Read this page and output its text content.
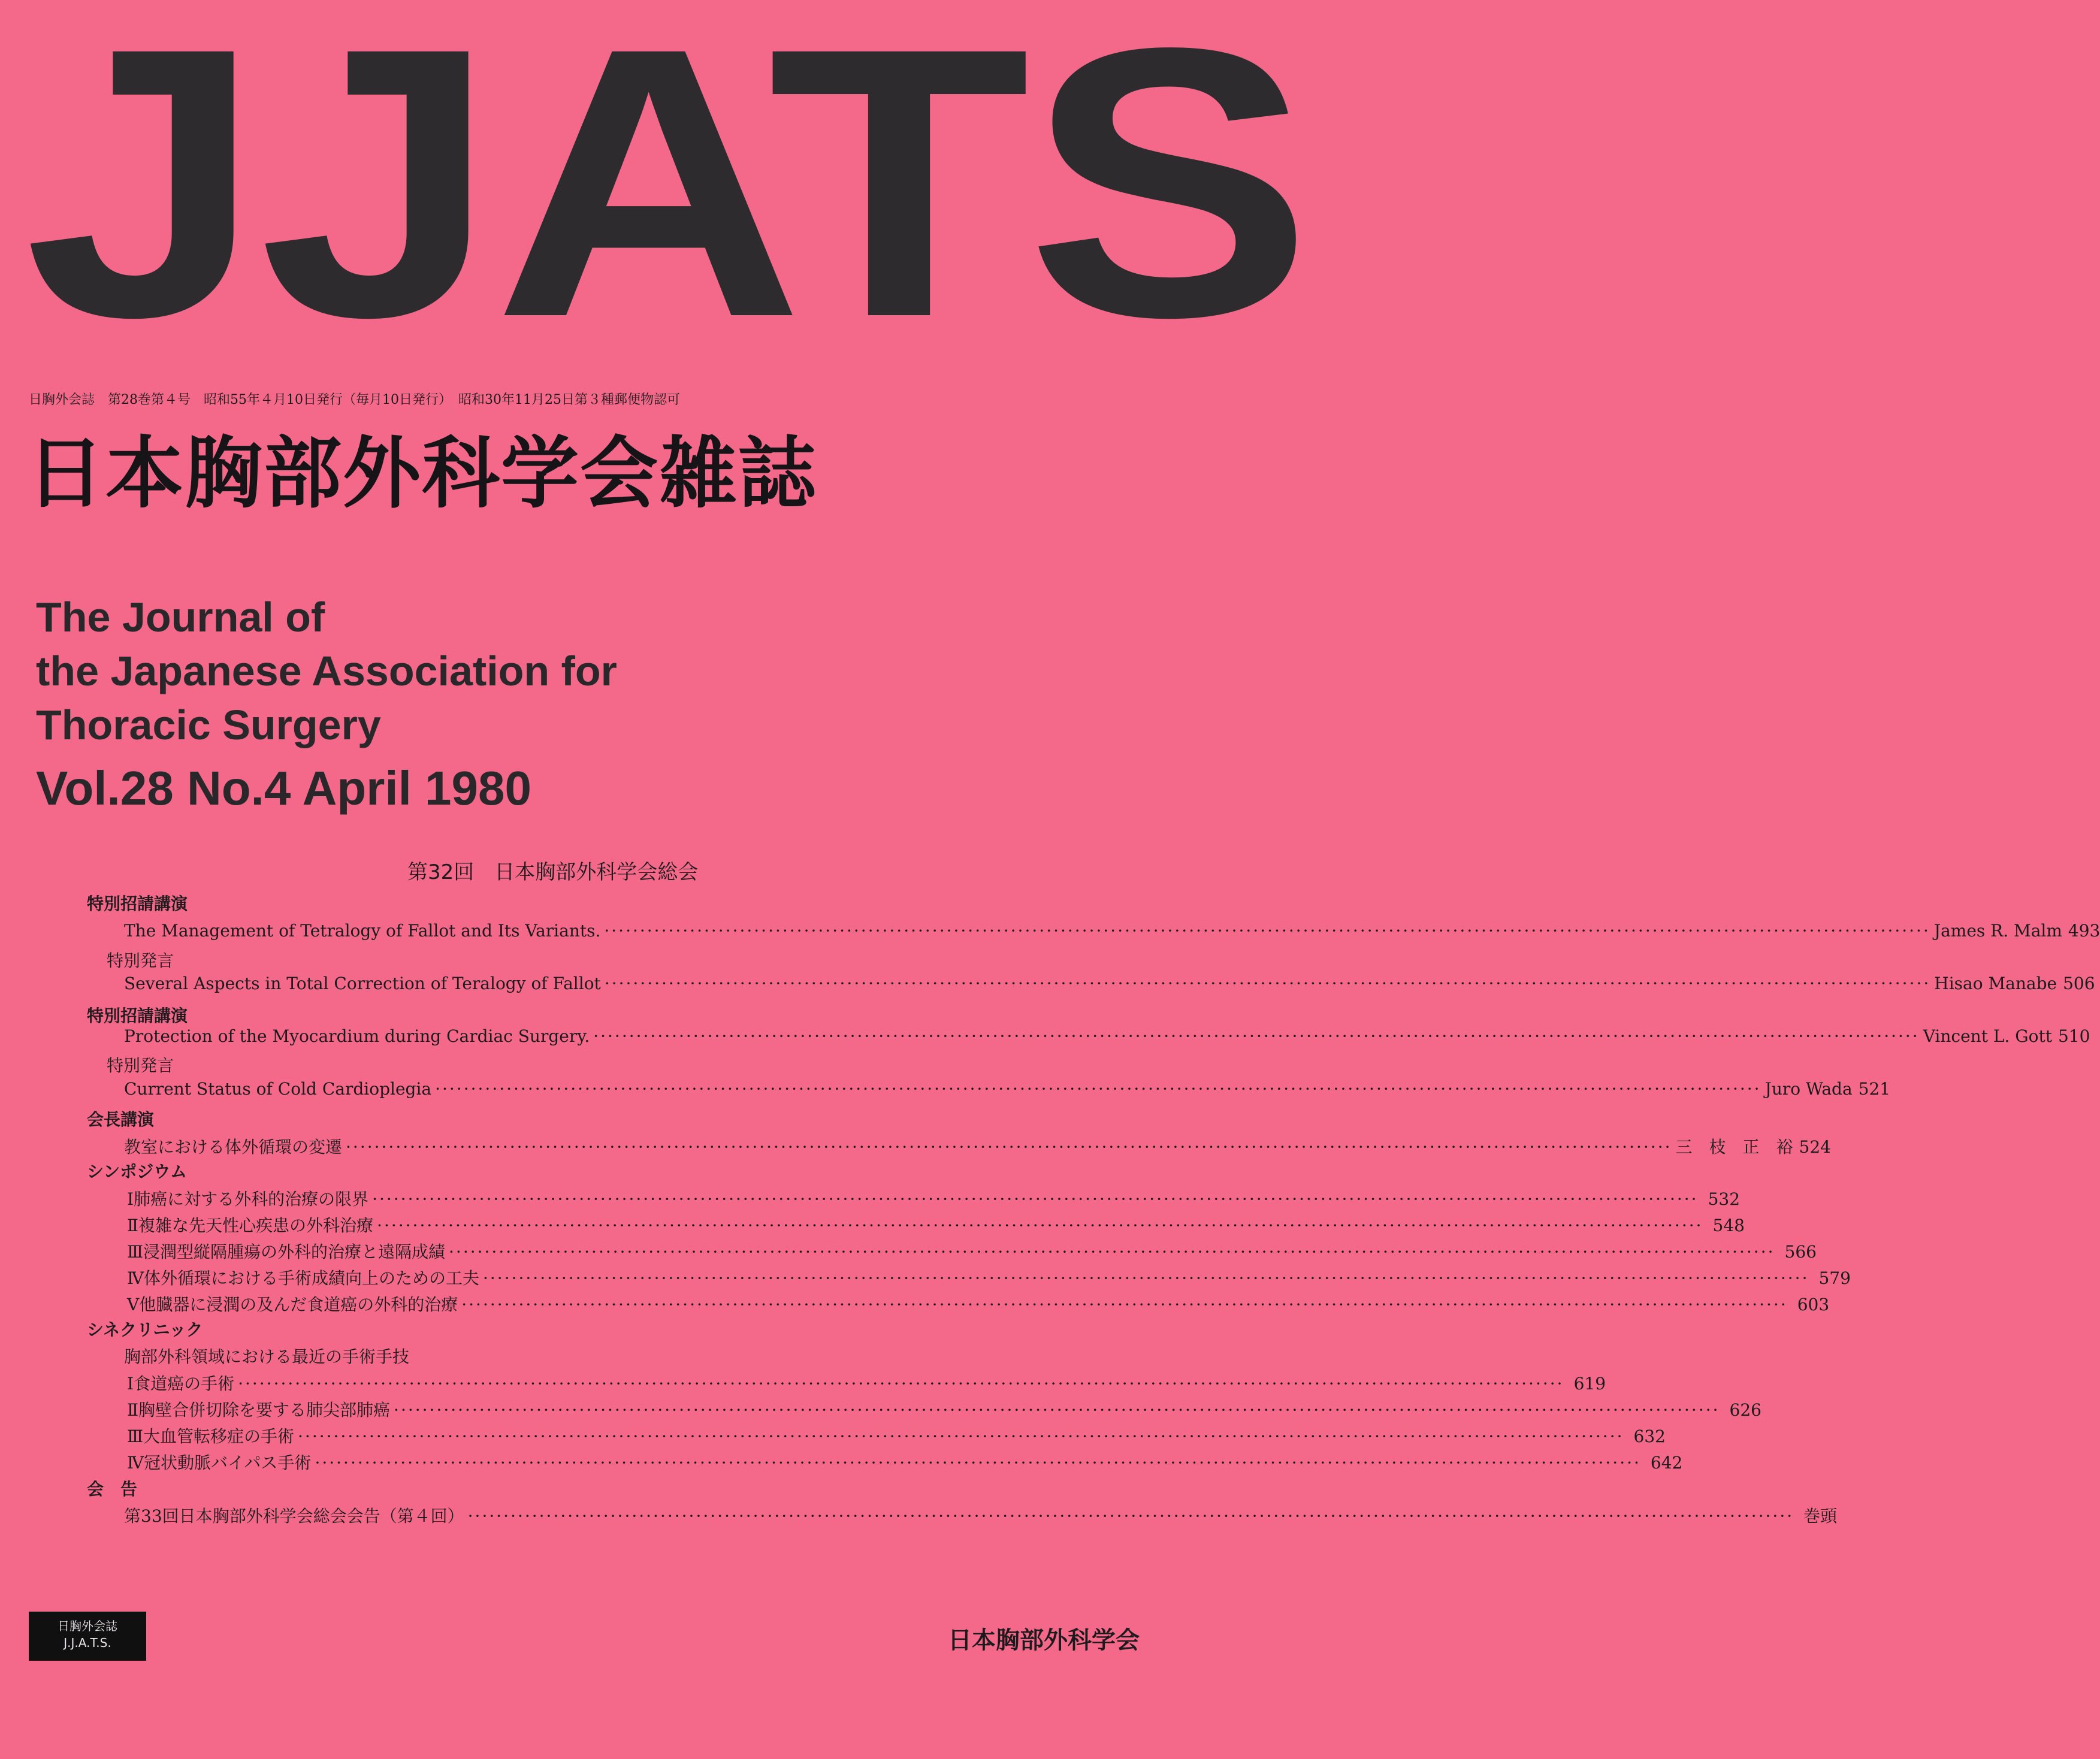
JJATS
日胸外会誌　第28巻第４号　昭和55年４月10日発行（毎月10日発行）　昭和30年11月25日第３種郵便物認可
日本胸部外科学会雑誌
The Journal of
the Japanese Association for
Thoracic Surgery
Vol.28 No.4 April 1980
第32回　日本胸部外科学会総会
特別招請講演
The Management of Tetralogy of Fallot and Its Variants. ·····	James R. Malm 493
特別発言
Several Aspects in Total Correction of Teralogy of Fallot ·····	Hisao Manabe 506
特別招請講演
Protection of the Myocardium during Cardiac Surgery. ·····	Vincent L. Gott 510
特別発言
Current Status of Cold Cardioplegia ·····	Juro Wada 521
会長講演
教室における体外循環の変遷 ·····	三　枝　正　裕 524
シンポジウム
Ⅰ 肺癌に対する外科的治療の限界 ·····	532
Ⅱ 複雑な先天性心疾患の外科治療 ·····	548
Ⅲ 浸潤型縦隔腫瘍の外科的治療と遠隔成績 ·····	566
Ⅳ 体外循環における手術成績向上のための工夫 ·····	579
Ⅴ 他臓器に浸潤の及んだ食道癌の外科的治療 ·····	603
シネクリニック
胸部外科領域における最近の手術手技
Ⅰ 食道癌の手術 ·····	619
Ⅱ 胸壁合併切除を要する肺尖部肺癌 ·····	626
Ⅲ 大血管転移症の手術 ·····	632
Ⅳ 冠状動脈バイパス手術 ·····	642
会　告
第33回日本胸部外科学会総会会告（第４回） ·····	巻頭
日胸外会誌
J.J.A.T.S.	日本胸部外科学会
